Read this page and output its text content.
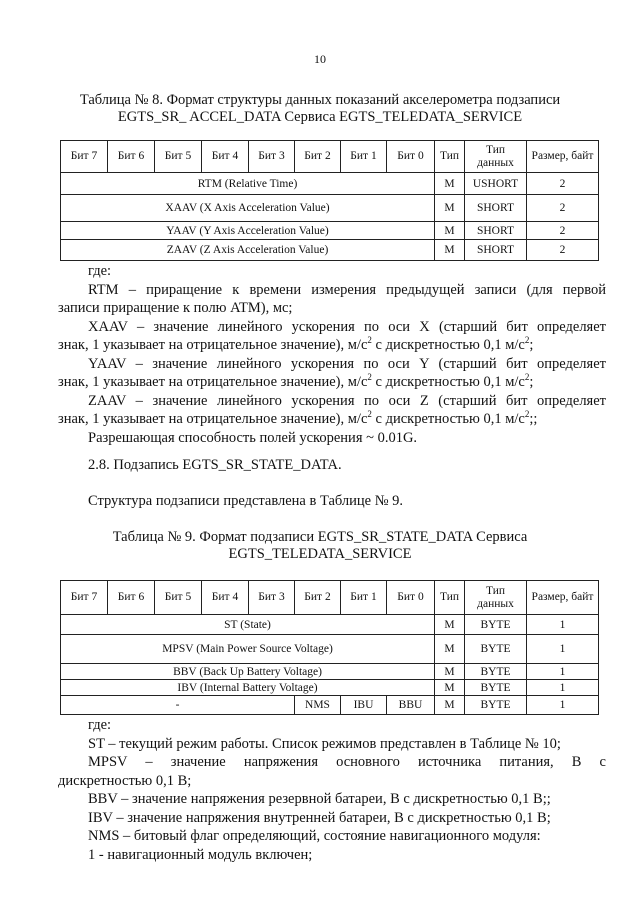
10
Таблица № 8. Формат структуры данных показаний акселерометра подзаписи
EGTS_SR_ ACCEL_DATA Сервиса EGTS_TELEDATA_SERVICE
Бит 7	Бит 6	Бит 5	Бит 4	Бит 3	Бит 2	Бит 1	Бит 0	Тип	Тип данных	Размер, байт
RTM (Relative Time)								M	USHORT	2
XAAV (X Axis Acceleration Value)								M	SHORT	2
YAAV (Y Axis Acceleration Value)								M	SHORT	2
ZAAV (Z Axis Acceleration Value)								M	SHORT	2
где:
RTM – приращение к времени измерения предыдущей записи (для первой
записи приращение к полю ATM), мс;
XAAV – значение линейного ускорения по оси X (старший бит определяет
знак, 1 указывает на отрицательное значение), $м/с^2$ с дискретностью 0,1 $м/с^2$;
YAAV – значение линейного ускорения по оси Y (старший бит определяет
знак, 1 указывает на отрицательное значение), $м/с^2$ с дискретностью 0,1 $м/с^2$;
ZAAV – значение линейного ускорения по оси Z (старший бит определяет
знак, 1 указывает на отрицательное значение), $м/с^2$ с дискретностью 0,1 $м/с^2$;;
Разрешающая способность полей ускорения ~ 0.01G.
2.8. Подзапись EGTS_SR_STATE_DATA.
Структура подзаписи представлена в Таблице № 9.
Таблица № 9. Формат подзаписи EGTS_SR_STATE_DATA Сервиса
EGTS_TELEDATA_SERVICE
Бит 7	Бит 6	Бит 5	Бит 4	Бит 3	Бит 2	Бит 1	Бит 0	Тип	Тип данных	Размер, байт
ST (State)								M	BYTE	1
MPSV (Main Power Source Voltage)								M	BYTE	1
BBV (Back Up Battery Voltage)								M	BYTE	1
IBV (Internal Battery Voltage)								M	BYTE	1
-					NMS	IBU	BBU	M	BYTE	1
где:
ST – текущий режим работы. Список режимов представлен в Таблице № 10;
MPSV – значение напряжения основного источника питания, В с
дискретностью 0,1 В;
BBV – значение напряжения резервной батареи, В с дискретностью 0,1 В;;
IBV – значение напряжения внутренней батареи, В с дискретностью 0,1 В;
NMS – битовый флаг определяющий, состояние навигационного модуля:
1 - навигационный модуль включен;
